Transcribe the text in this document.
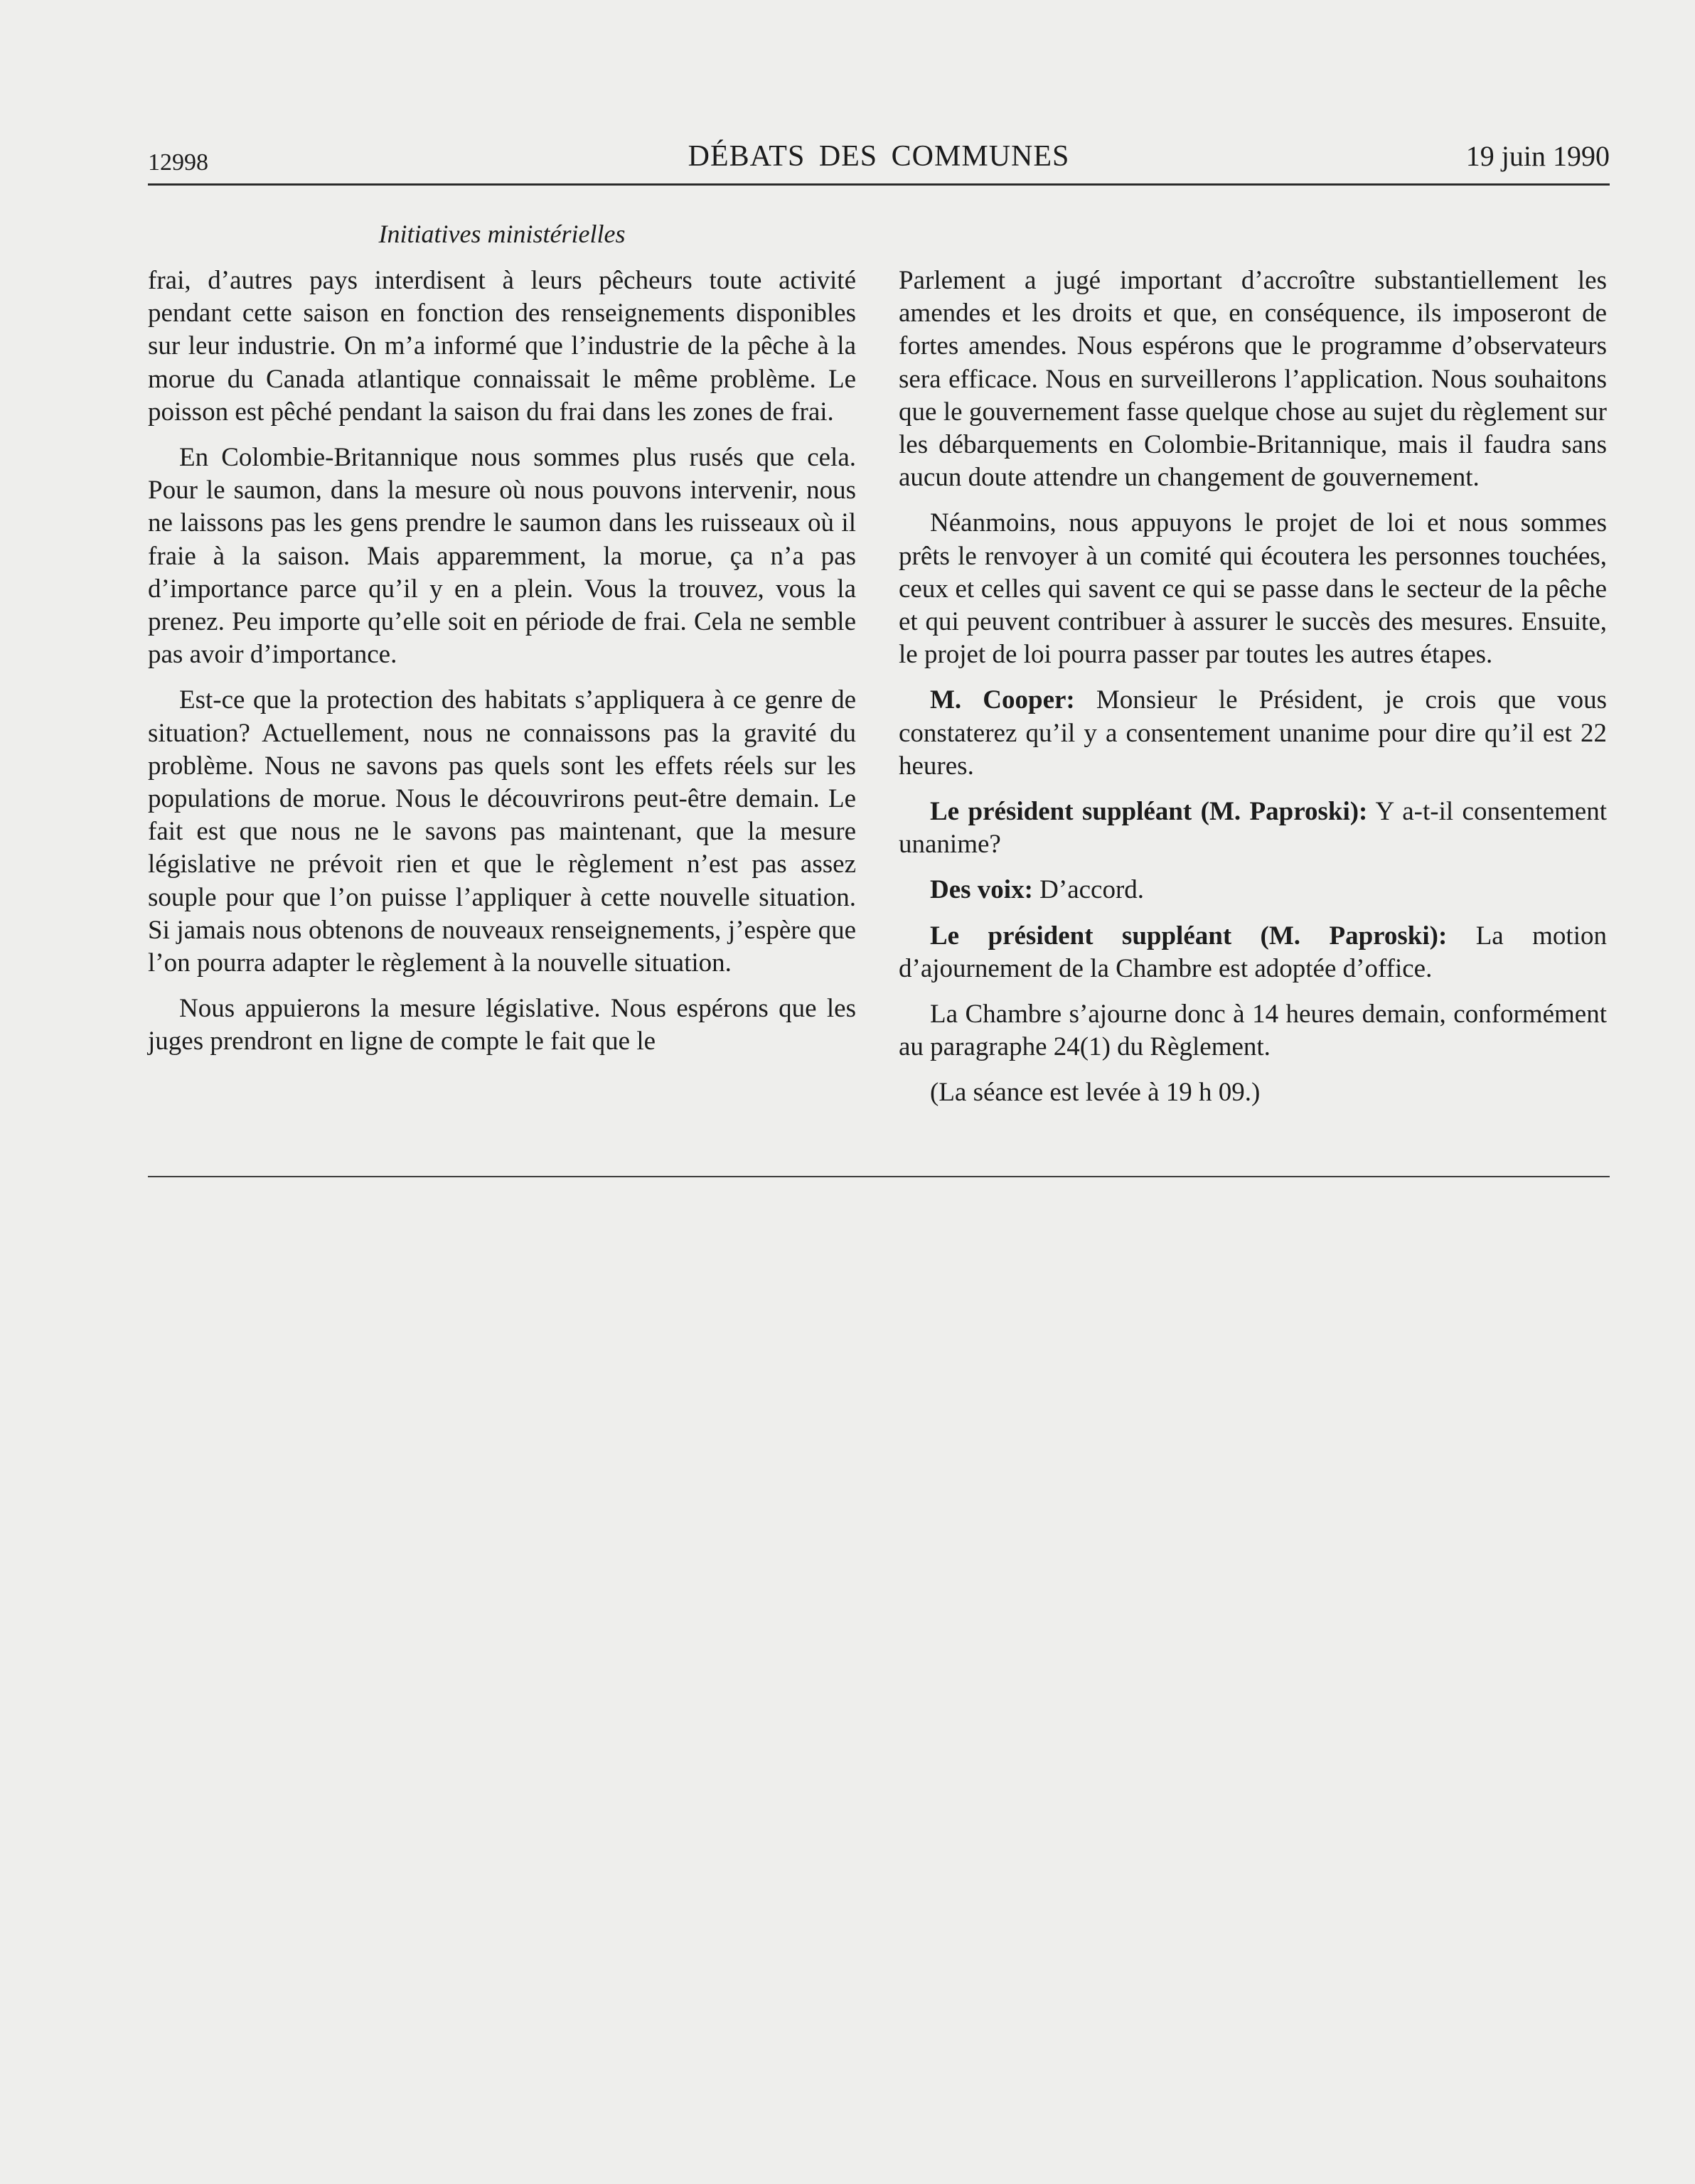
12998	DÉBATS DES COMMUNES	19 juin 1990
Initiatives ministérielles

frai, d’autres pays interdisent à leurs pêcheurs toute activité pendant cette saison en fonction des renseignements disponibles sur leur industrie. On m’a informé que l’industrie de la pêche à la morue du Canada atlantique connaissait le même problème. Le poisson est pêché pendant la saison du frai dans les zones de frai.

En Colombie-Britannique nous sommes plus rusés que cela. Pour le saumon, dans la mesure où nous pouvons intervenir, nous ne laissons pas les gens prendre le saumon dans les ruisseaux où il fraie à la saison. Mais apparemment, la morue, ça n’a pas d’importance parce qu’il y en a plein. Vous la trouvez, vous la prenez. Peu importe qu’elle soit en période de frai. Cela ne semble pas avoir d’importance.

Est-ce que la protection des habitats s’appliquera à ce genre de situation? Actuellement, nous ne connaissons pas la gravité du problème. Nous ne savons pas quels sont les effets réels sur les populations de morue. Nous le découvrirons peut-être demain. Le fait est que nous ne le savons pas maintenant, que la mesure législative ne prévoit rien et que le règlement n’est pas assez souple pour que l’on puisse l’appliquer à cette nouvelle situation. Si jamais nous obtenons de nouveaux renseignements, j’espère que l’on pourra adapter le règlement à la nouvelle situation.

Nous appuierons la mesure législative. Nous espérons que les juges prendront en ligne de compte le fait que le

Parlement a jugé important d’accroître substantiellement les amendes et les droits et que, en conséquence, ils imposeront de fortes amendes. Nous espérons que le programme d’observateurs sera efficace. Nous en surveillerons l’application. Nous souhaitons que le gouvernement fasse quelque chose au sujet du règlement sur les débarquements en Colombie-Britannique, mais il faudra sans aucun doute attendre un changement de gouvernement.

Néanmoins, nous appuyons le projet de loi et nous sommes prêts le renvoyer à un comité qui écoutera les personnes touchées, ceux et celles qui savent ce qui se passe dans le secteur de la pêche et qui peuvent contribuer à assurer le succès des mesures. Ensuite, le projet de loi pourra passer par toutes les autres étapes.

M. Cooper: Monsieur le Président, je crois que vous constaterez qu’il y a consentement unanime pour dire qu’il est 22 heures.

Le président suppléant (M. Paproski): Y a-t-il consentement unanime?

Des voix: D’accord.

Le président suppléant (M. Paproski): La motion d’ajournement de la Chambre est adoptée d’office.

La Chambre s’ajourne donc à 14 heures demain, conformément au paragraphe 24(1) du Règlement.

(La séance est levée à 19 h 09.)
